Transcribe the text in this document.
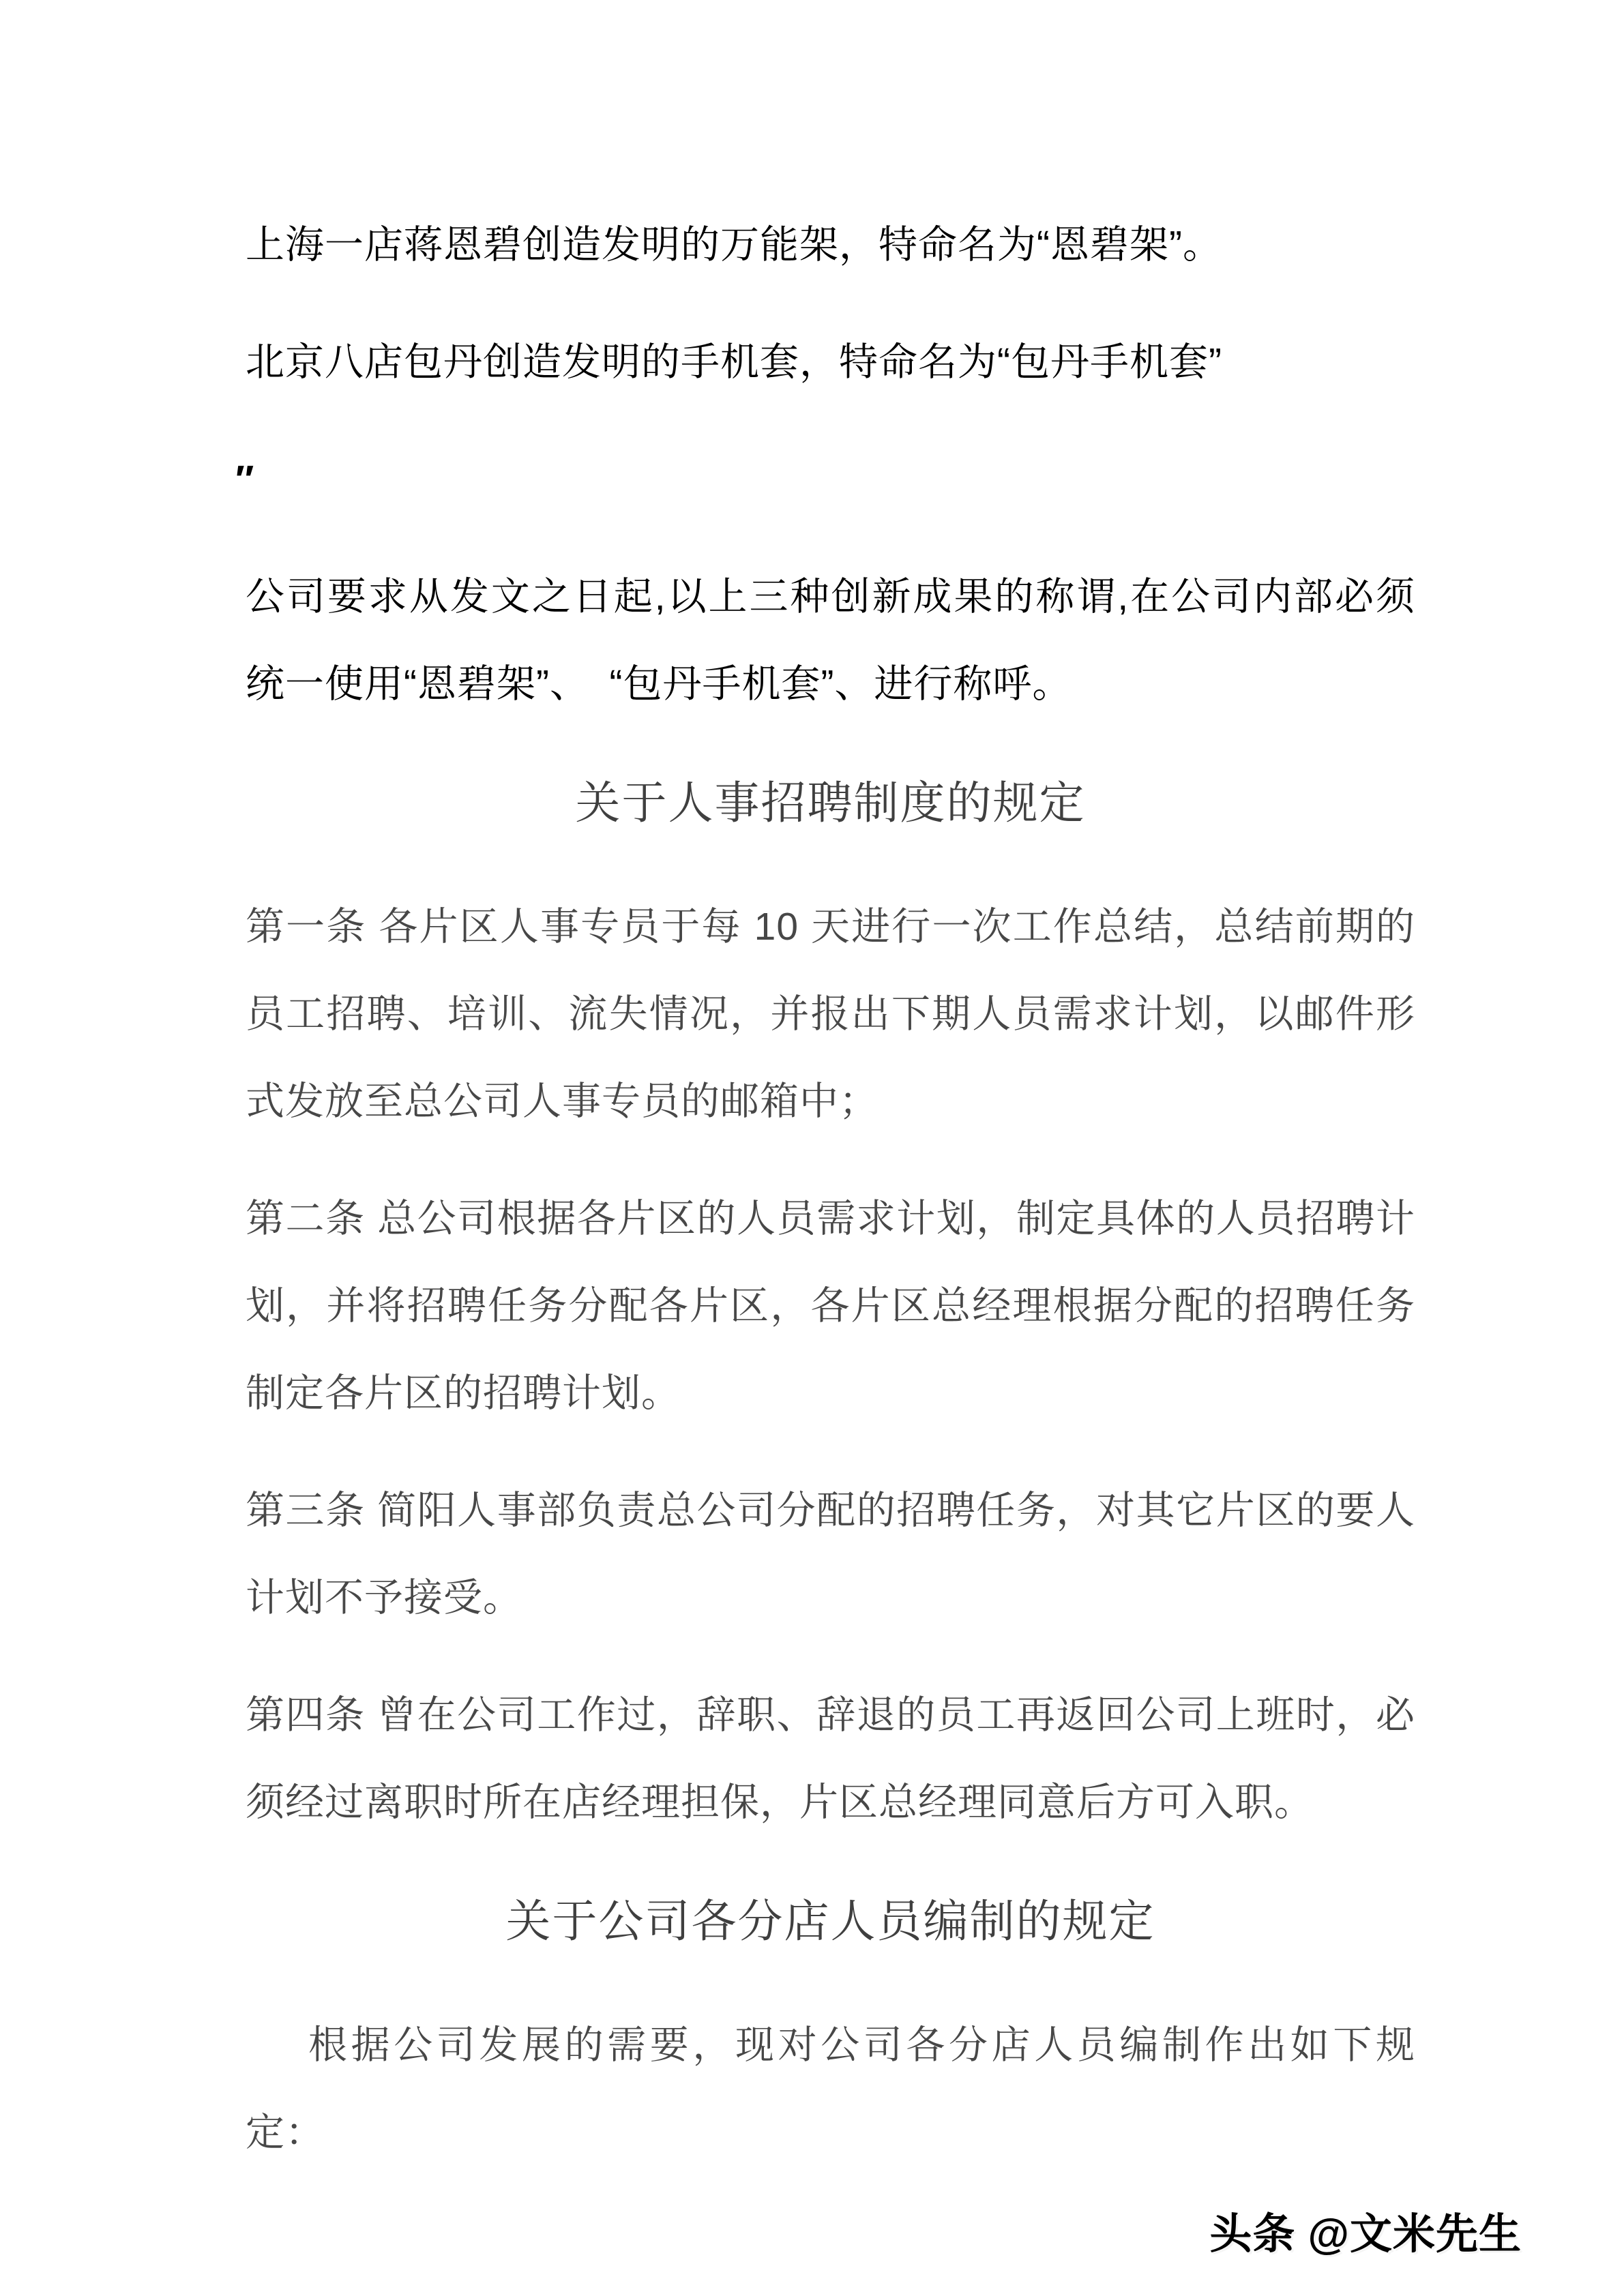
上海一店蒋恩碧创造发明的万能架，特命名为“恩碧架”。

北京八店包丹创造发明的手机套，特命名为“包丹手机套”

″

公司要求从发文之日起,以上三种创新成果的称谓,在公司内部必须统一使用“恩碧架”、　“包丹手机套”、进行称呼。

关于人事招聘制度的规定

第一条 各片区人事专员于每 10 天进行一次工作总结，总结前期的员工招聘、培训、流失情况，并报出下期人员需求计划，以邮件形式发放至总公司人事专员的邮箱中；

第二条 总公司根据各片区的人员需求计划，制定具体的人员招聘计划，并将招聘任务分配各片区，各片区总经理根据分配的招聘任务制定各片区的招聘计划。

第三条 简阳人事部负责总公司分配的招聘任务，对其它片区的要人计划不予接受。

第四条 曾在公司工作过，辞职、辞退的员工再返回公司上班时，必须经过离职时所在店经理担保，片区总经理同意后方可入职。

关于公司各分店人员编制的规定

根据公司发展的需要，现对公司各分店人员编制作出如下规定：

头条 @文米先生
